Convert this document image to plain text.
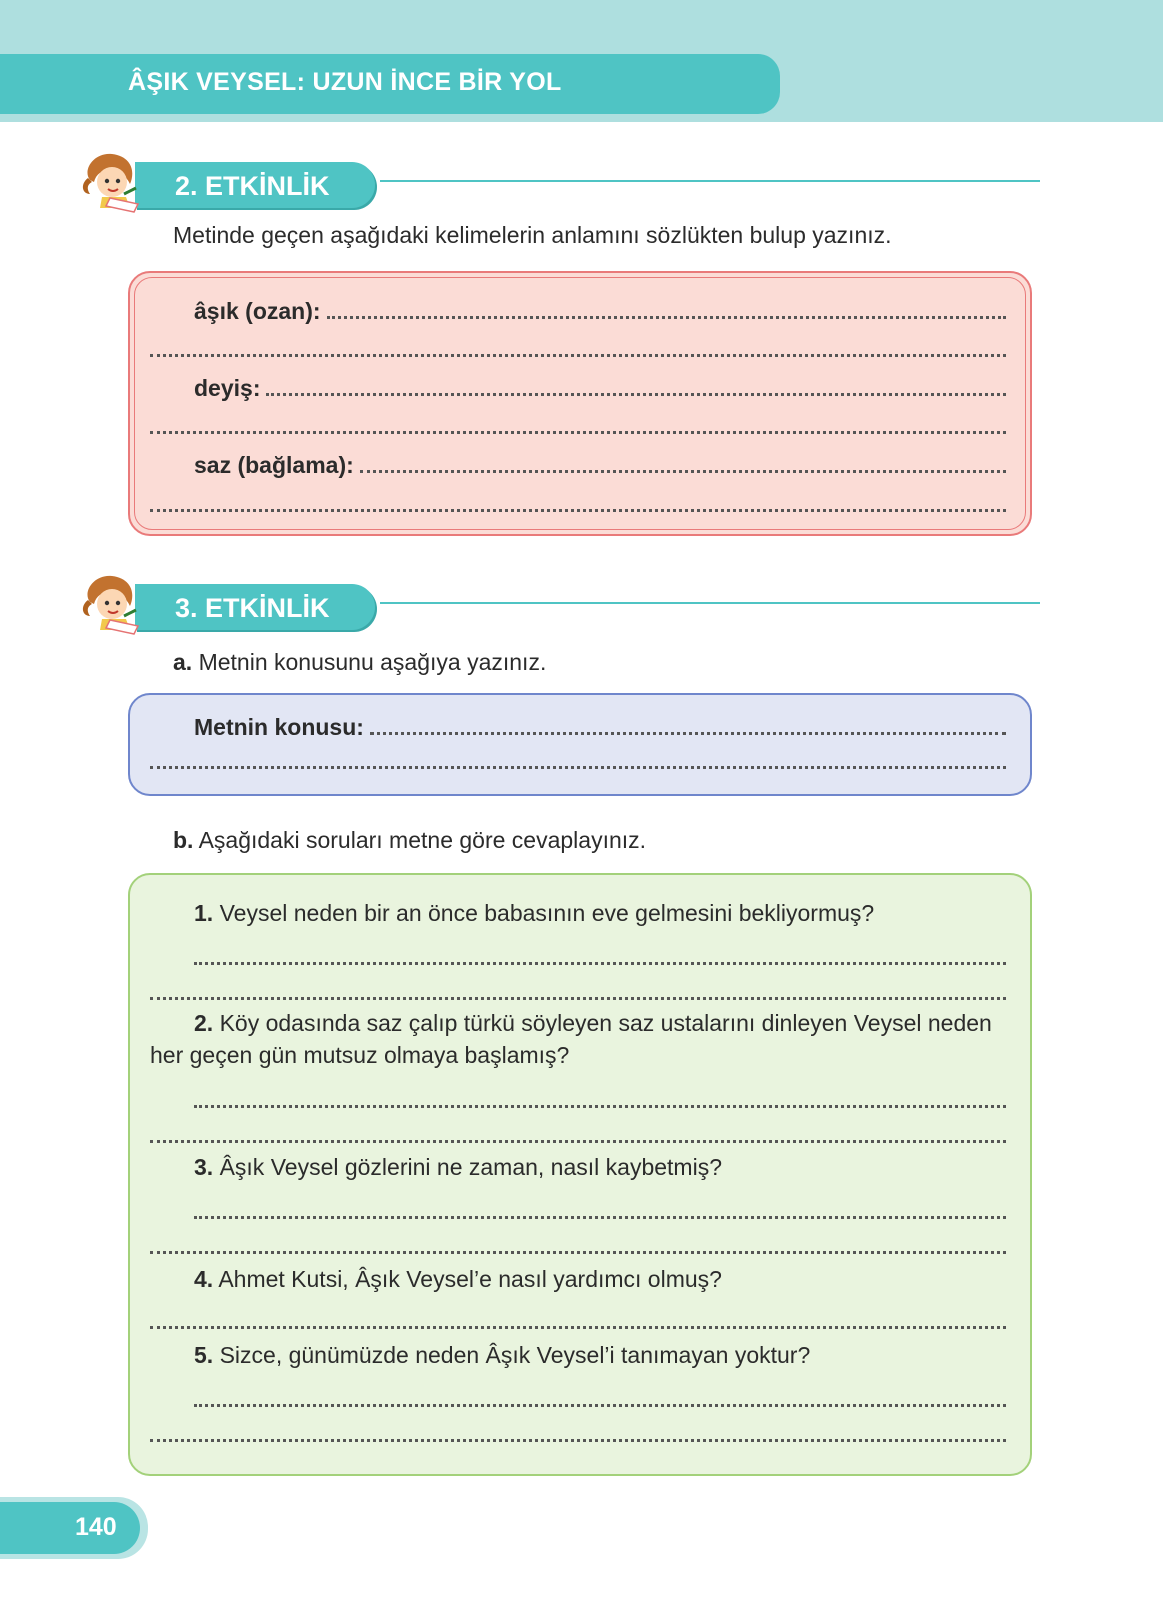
ÂŞIK VEYSEL: UZUN İNCE BİR YOL
2. ETKİNLİK
Metinde geçen aşağıdaki kelimelerin anlamını sözlükten bulup yazınız.
âşık (ozan):
deyiş:
saz (bağlama):
3. ETKİNLİK
a. Metnin konusunu aşağıya yazınız.
Metnin konusu:
b. Aşağıdaki soruları metne göre cevaplayınız.
1. Veysel neden bir an önce babasının eve gelmesini bekliyormuş?
2. Köy odasında saz çalıp türkü söyleyen saz ustalarını dinleyen Veysel neden her geçen gün mutsuz olmaya başlamış?
3. Âşık Veysel gözlerini ne zaman, nasıl kaybetmiş?
4. Ahmet Kutsi, Âşık Veysel’e nasıl yardımcı olmuş?
5. Sizce, günümüzde neden Âşık Veysel’i tanımayan yoktur?
140
